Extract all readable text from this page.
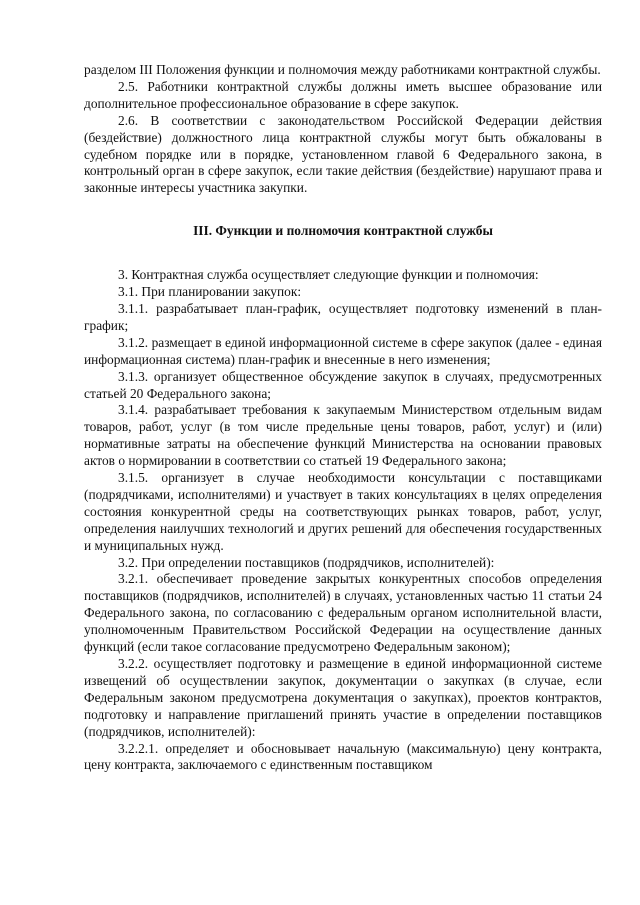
разделом III Положения функции и полномочия между работниками контрактной службы.

2.5. Работники контрактной службы должны иметь высшее образование или дополнительное профессиональное образование в сфере закупок.

2.6. В соответствии с законодательством Российской Федерации действия (бездействие) должностного лица контрактной службы могут быть обжалованы в судебном порядке или в порядке, установленном главой 6 Федерального закона, в контрольный орган в сфере закупок, если такие действия (бездействие) нарушают права и законные интересы участника закупки.

III. Функции и полномочия контрактной службы

3. Контрактная служба осуществляет следующие функции и полномочия:

3.1. При планировании закупок:

3.1.1. разрабатывает план-график, осуществляет подготовку изменений в план-график;

3.1.2. размещает в единой информационной системе в сфере закупок (далее - единая информационная система) план-график и внесенные в него изменения;

3.1.3. организует общественное обсуждение закупок в случаях, предусмотренных статьей 20 Федерального закона;

3.1.4. разрабатывает требования к закупаемым Министерством отдельным видам товаров, работ, услуг (в том числе предельные цены товаров, работ, услуг) и (или) нормативные затраты на обеспечение функций Министерства на основании правовых актов о нормировании в соответствии со статьей 19 Федерального закона;

3.1.5. организует в случае необходимости консультации с поставщиками (подрядчиками, исполнителями) и участвует в таких консультациях в целях определения состояния конкурентной среды на соответствующих рынках товаров, работ, услуг, определения наилучших технологий и других решений для обеспечения государственных и муниципальных нужд.

3.2. При определении поставщиков (подрядчиков, исполнителей):

3.2.1. обеспечивает проведение закрытых конкурентных способов определения поставщиков (подрядчиков, исполнителей) в случаях, установленных частью 11 статьи 24 Федерального закона, по согласованию с федеральным органом исполнительной власти, уполномоченным Правительством Российской Федерации на осуществление данных функций (если такое согласование предусмотрено Федеральным законом);

3.2.2. осуществляет подготовку и размещение в единой информационной системе извещений об осуществлении закупок, документации о закупках (в случае, если Федеральным законом предусмотрена документация о закупках), проектов контрактов, подготовку и направление приглашений принять участие в определении поставщиков (подрядчиков, исполнителей):

3.2.2.1. определяет и обосновывает начальную (максимальную) цену контракта, цену контракта, заключаемого с единственным поставщиком
